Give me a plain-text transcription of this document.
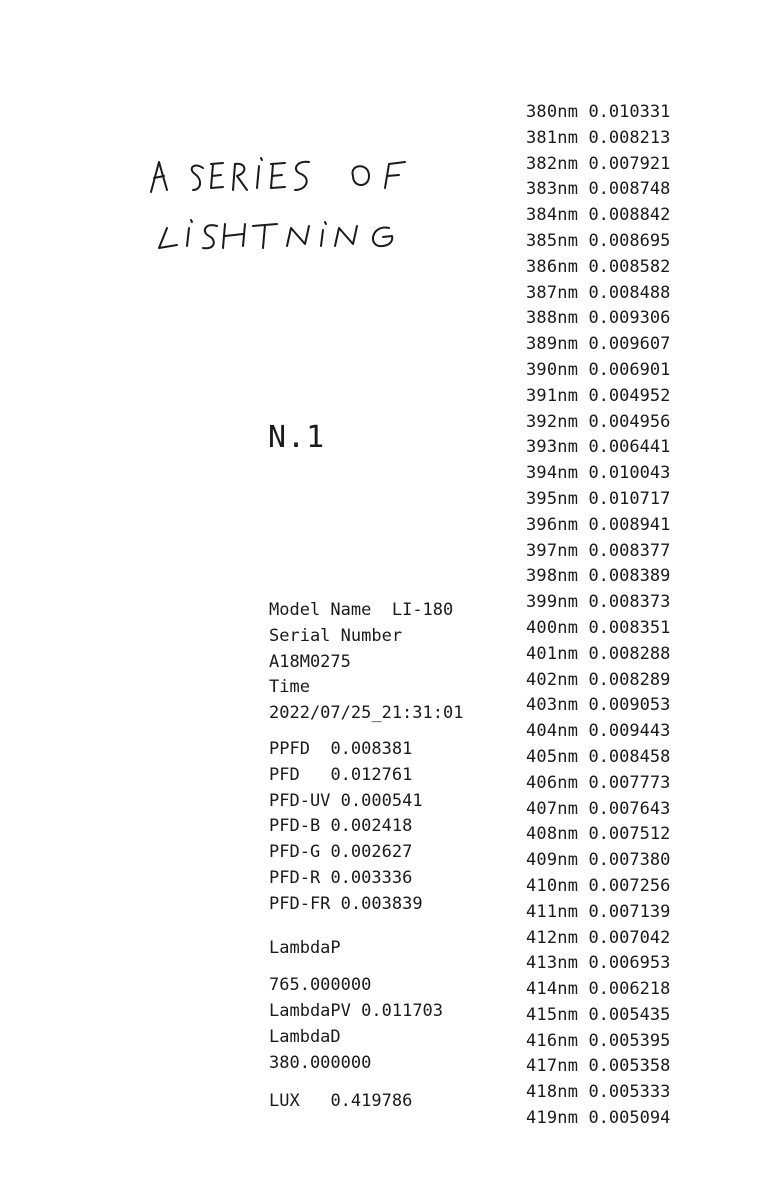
N.1
Model Name LI-180
Serial Number
A18M0275
Time
2022/07/25_21:31:01
PPFD 0.008381
PFD 0.012761
PFD-UV 0.000541
PFD-B 0.002418
PFD-G 0.002627
PFD-R 0.003336
PFD-FR 0.003839
LambdaP
765.000000
LambdaPV 0.011703
LambdaD
380.000000
LUX 0.419786
380nm 0.010331
381nm 0.008213
382nm 0.007921
383nm 0.008748
384nm 0.008842
385nm 0.008695
386nm 0.008582
387nm 0.008488
388nm 0.009306
389nm 0.009607
390nm 0.006901
391nm 0.004952
392nm 0.004956
393nm 0.006441
394nm 0.010043
395nm 0.010717
396nm 0.008941
397nm 0.008377
398nm 0.008389
399nm 0.008373
400nm 0.008351
401nm 0.008288
402nm 0.008289
403nm 0.009053
404nm 0.009443
405nm 0.008458
406nm 0.007773
407nm 0.007643
408nm 0.007512
409nm 0.007380
410nm 0.007256
411nm 0.007139
412nm 0.007042
413nm 0.006953
414nm 0.006218
415nm 0.005435
416nm 0.005395
417nm 0.005358
418nm 0.005333
419nm 0.005094
